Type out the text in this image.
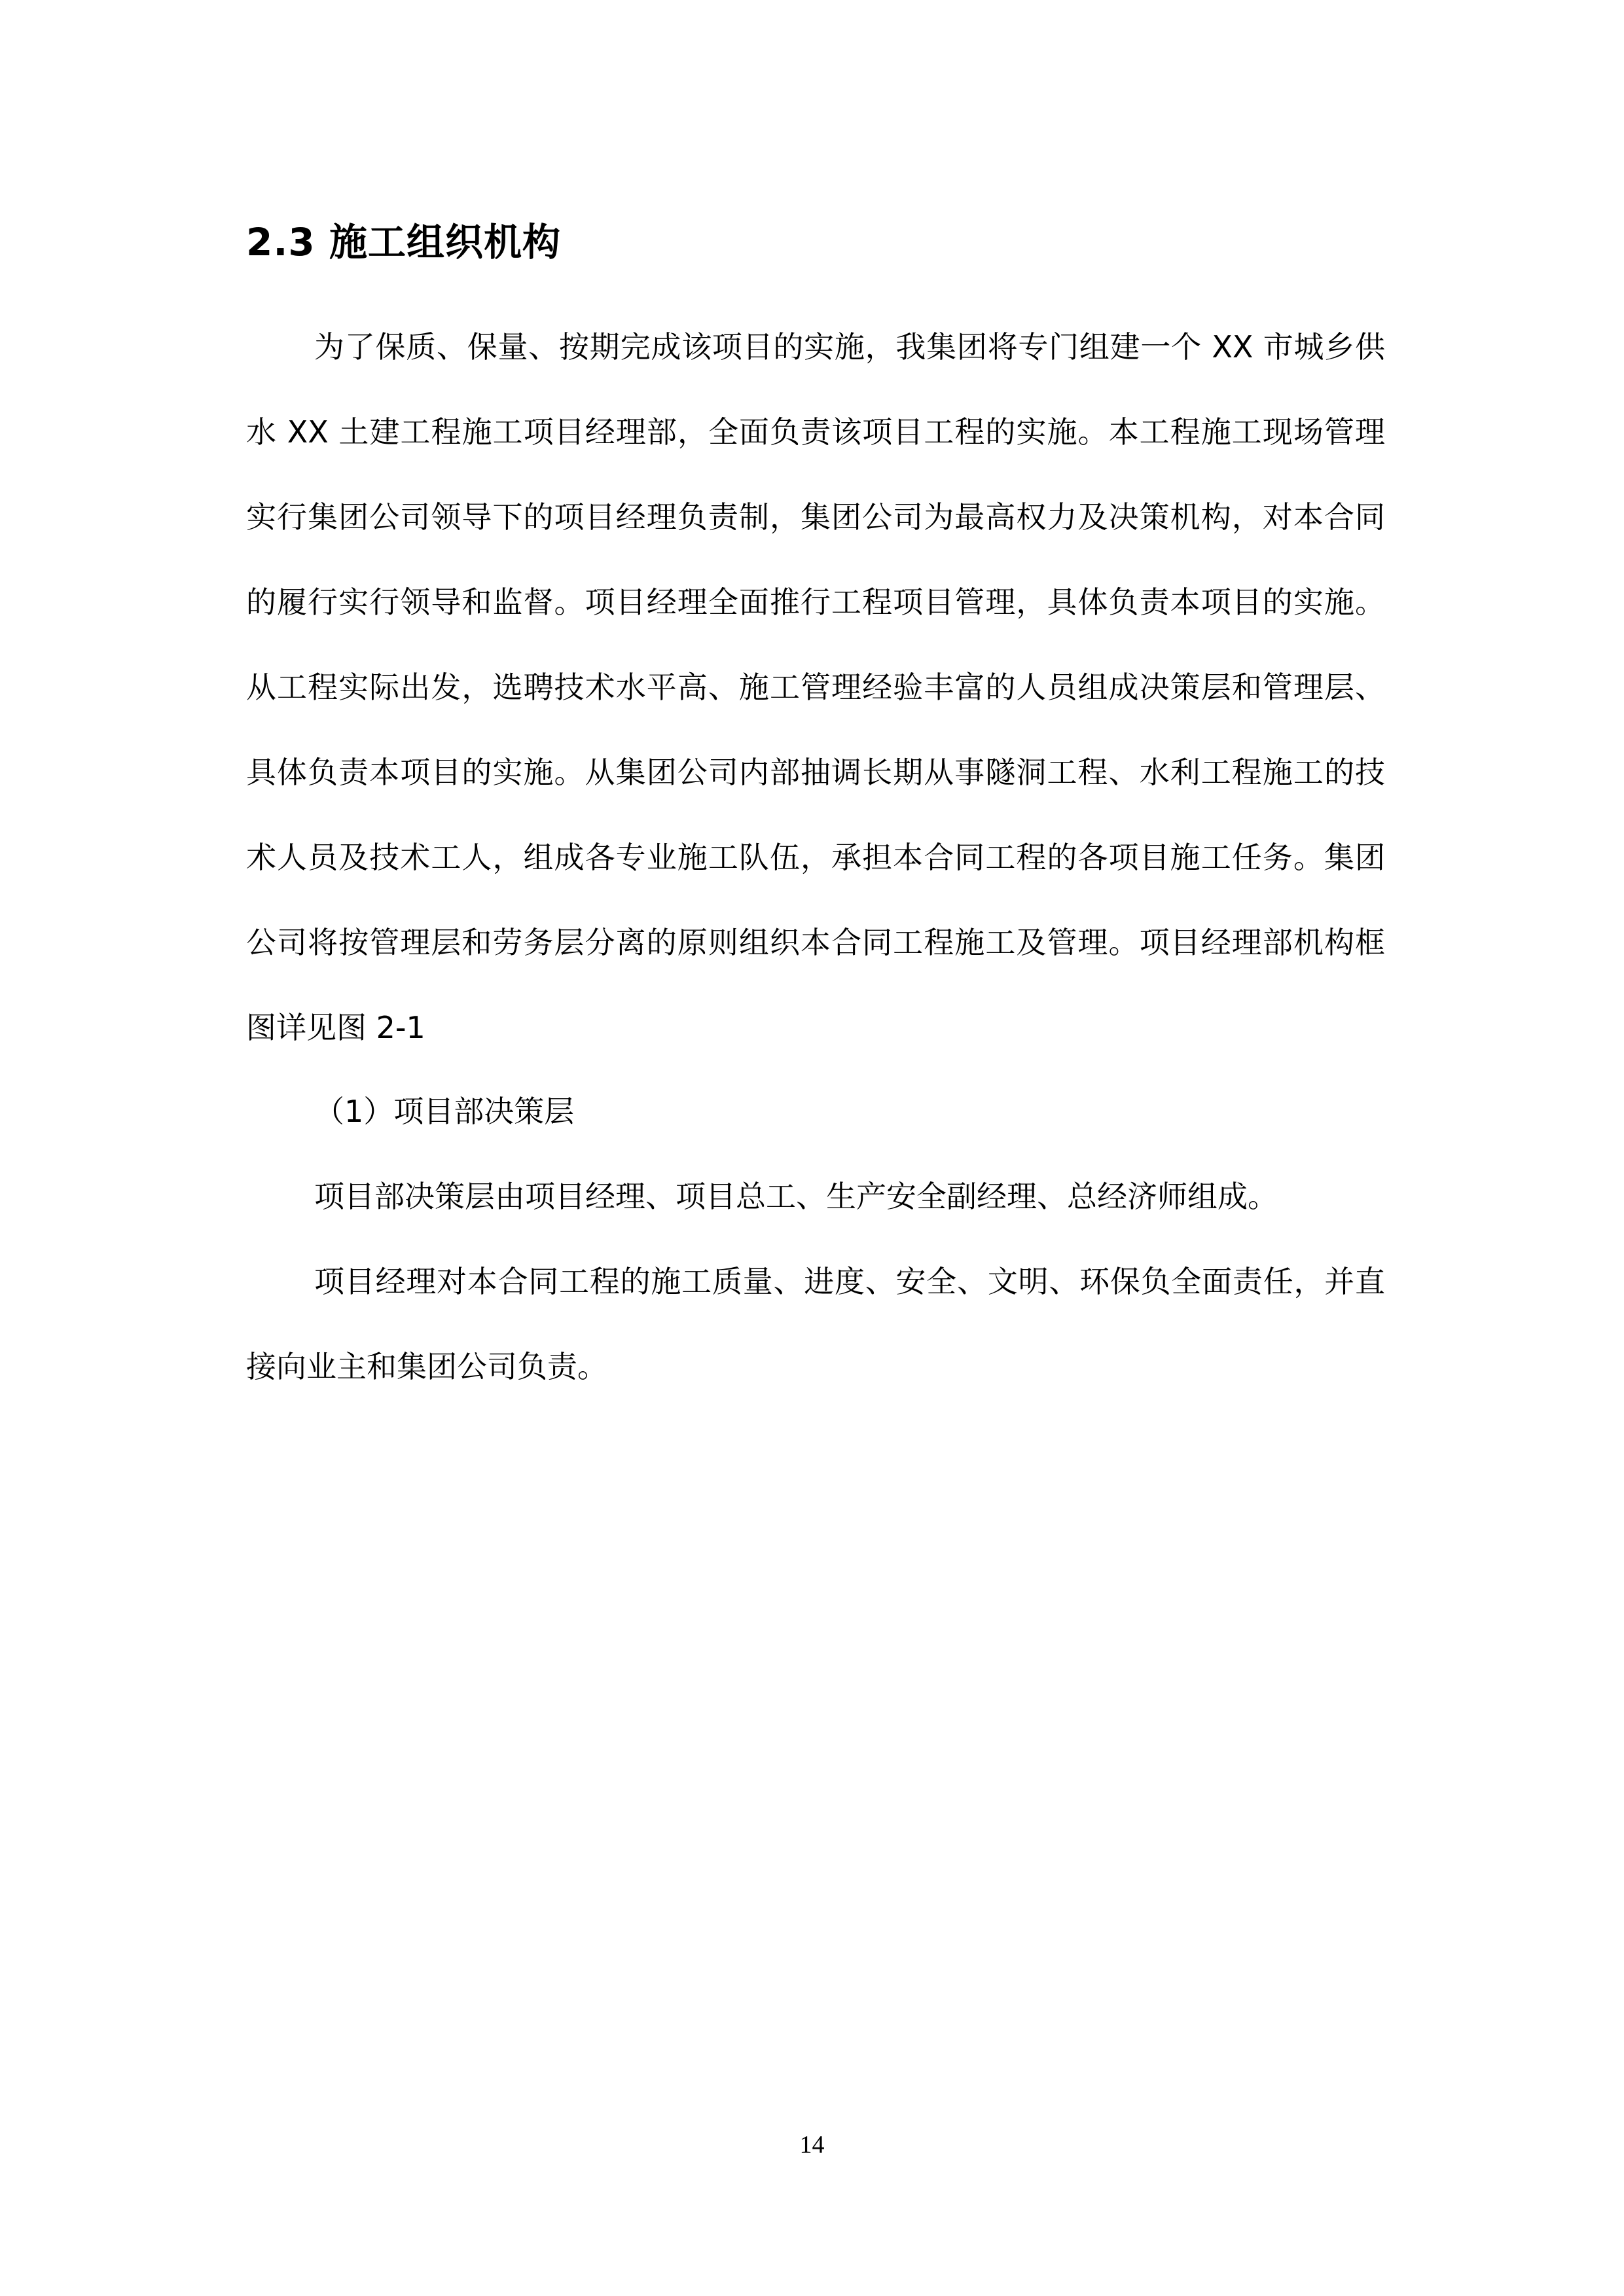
2.3 施工组织机构

为了保质、保量、按期完成该项目的实施，我集团将专门组建一个 XX 市城乡供水 XX 土建工程施工项目经理部，全面负责该项目工程的实施。本工程施工现场管理实行集团公司领导下的项目经理负责制，集团公司为最高权力及决策机构，对本合同的履行实行领导和监督。项目经理全面推行工程项目管理，具体负责本项目的实施。从工程实际出发，选聘技术水平高、施工管理经验丰富的人员组成决策层和管理层、具体负责本项目的实施。从集团公司内部抽调长期从事隧洞工程、水利工程施工的技术人员及技术工人，组成各专业施工队伍，承担本合同工程的各项目施工任务。集团公司将按管理层和劳务层分离的原则组织本合同工程施工及管理。项目经理部机构框图详见图 2-1

（1）项目部决策层

项目部决策层由项目经理、项目总工、生产安全副经理、总经济师组成。

项目经理对本合同工程的施工质量、进度、安全、文明、环保负全面责任，并直接向业主和集团公司负责。

14
